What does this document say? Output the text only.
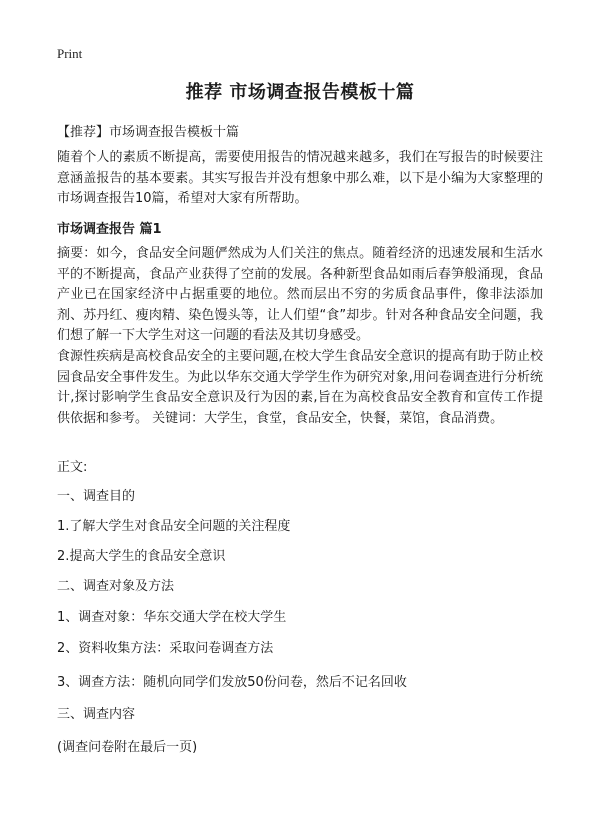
Print
推荐 市场调查报告模板十篇
【推荐】市场调查报告模板十篇

随着个人的素质不断提高，需要使用报告的情况越来越多，我们在写报告的时候要注意涵盖报告的基本要素。其实写报告并没有想象中那么难，以下是小编为大家整理的市场调查报告10篇，希望对大家有所帮助。

市场调查报告 篇1

摘要：如今，食品安全问题俨然成为人们关注的焦点。随着经济的迅速发展和生活水平的不断提高，食品产业获得了空前的发展。各种新型食品如雨后春笋般涌现，食品产业已在国家经济中占据重要的地位。然而层出不穷的劣质食品事件，像非法添加剂、苏丹红、瘦肉精、染色馒头等，让人们望“食”却步。针对各种食品安全问题，我们想了解一下大学生对这一问题的看法及其切身感受。

食源性疾病是高校食品安全的主要问题,在校大学生食品安全意识的提高有助于防止校园食品安全事件发生。为此以华东交通大学学生作为研究对象,用问卷调查进行分析统计,探讨影响学生食品安全意识及行为因的素,旨在为高校食品安全教育和宣传工作提供依据和参考。 关键词：大学生，食堂，食品安全，快餐，菜馆，食品消费。

正文:
一、调查目的
1.了解大学生对食品安全问题的关注程度
2.提高大学生的食品安全意识
二、调查对象及方法
1、调查对象：华东交通大学在校大学生
2、资料收集方法：采取问卷调查方法
3、调查方法：随机向同学们发放50份问卷，然后不记名回收
三、调查内容
(调查问卷附在最后一页)
